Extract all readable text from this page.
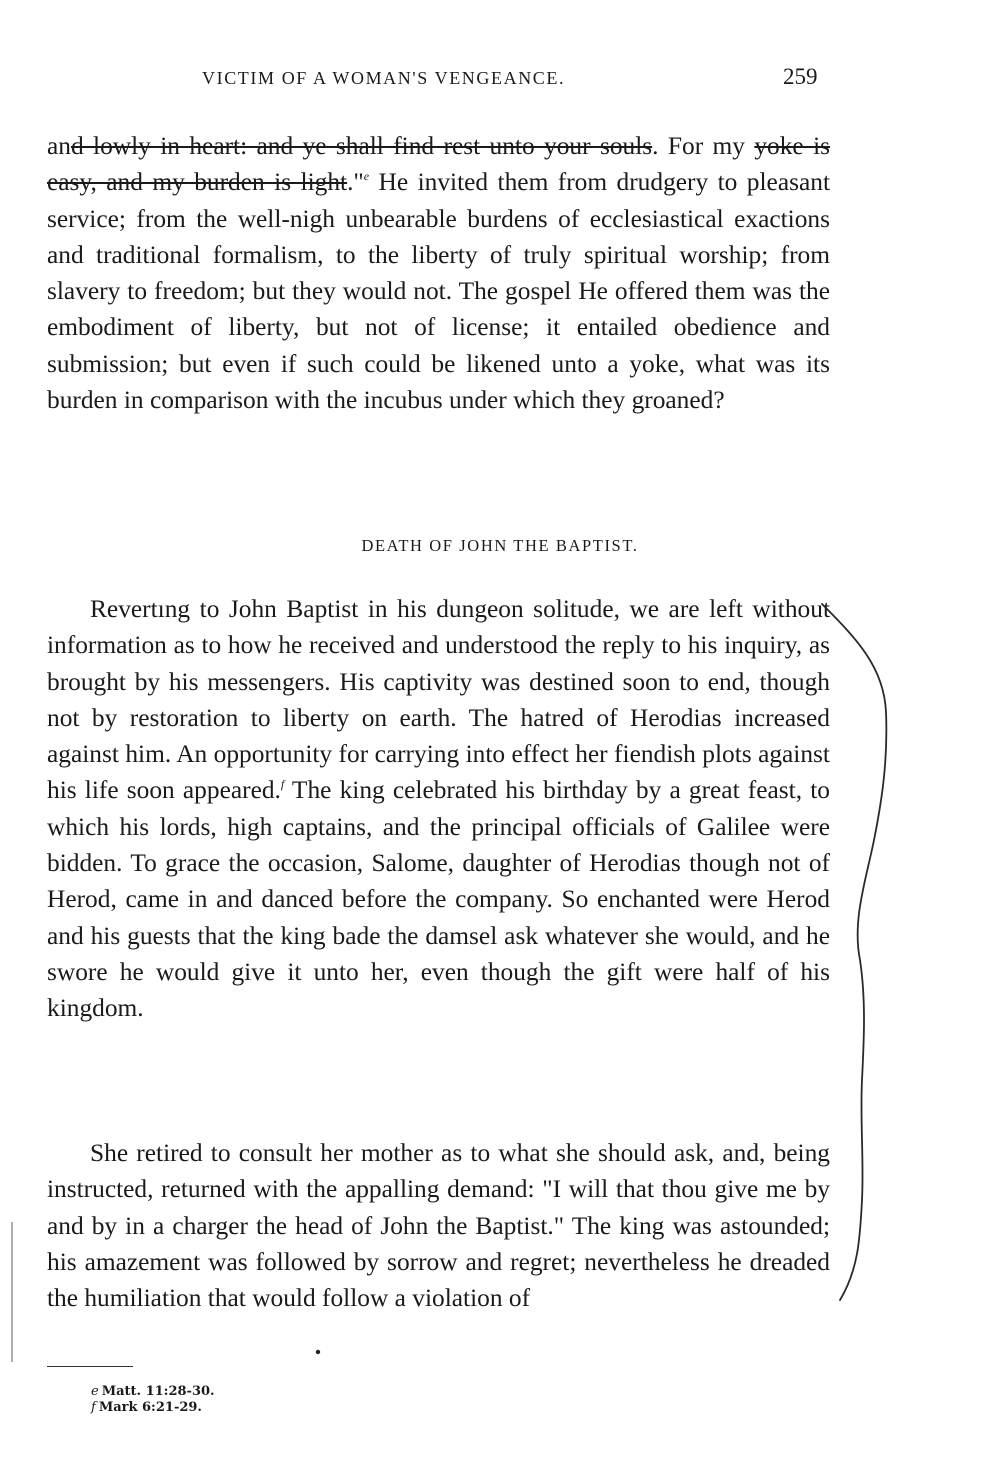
VICTIM OF A WOMAN'S VENGEANCE.	259

and lowly in heart: and ye shall find rest unto your souls. For my yoke is easy, and my burden is light."$^e$ He invited them from drudgery to pleasant service; from the well-nigh unbearable burdens of ecclesiastical exactions and traditional formalism, to the liberty of truly spiritual worship; from slavery to freedom; but they would not. The gospel He offered them was the embodiment of liberty, but not of license; it entailed obedience and submission; but even if such could be likened unto a yoke, what was its burden in comparison with the incubus under which they groaned?

DEATH OF JOHN THE BAPTIST.

Revertıng to John Baptist in his dungeon solitude, we are left without information as to how he received and understood the reply to his inquiry, as brought by his messengers. His captivity was destined soon to end, though not by restoration to liberty on earth. The hatred of Herodias increased against him. An opportunity for carrying into effect her fiendish plots against his life soon appeared.$^f$ The king celebrated his birthday by a great feast, to which his lords, high captains, and the principal officials of Galilee were bidden. To grace the occasion, Salome, daughter of Herodias though not of Herod, came in and danced before the company. So enchanted were Herod and his guests that the king bade the damsel ask whatever she would, and he swore he would give it unto her, even though the gift were half of his kingdom.

She retired to consult her mother as to what she should ask, and, being instructed, returned with the appalling demand: "I will that thou give me by and by in a charger the head of John the Baptist." The king was astounded; his amazement was followed by sorrow and regret; nevertheless he dreaded the humiliation that would follow a violation of

e Matt. 11:28-30.
f Mark 6:21-29.
